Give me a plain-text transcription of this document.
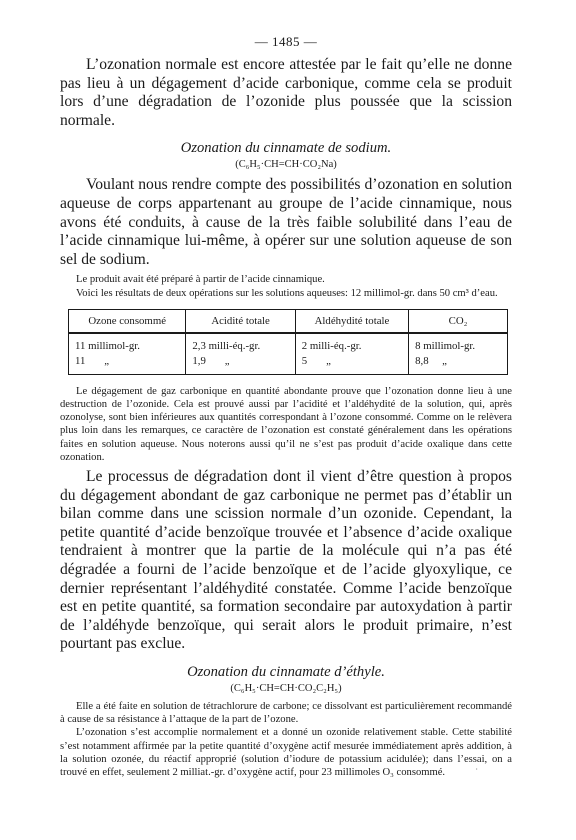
— 1485 —

L’ozonation normale est encore attestée par le fait qu’elle ne donne pas lieu à un dégagement d’acide carbonique, comme cela se produit lors d’une dégradation de l’ozonide plus poussée que la scission normale.

Ozonation du cinnamate de sodium.
(C₆H₅·CH=CH·CO₂Na)

Voulant nous rendre compte des possibilités d’ozonation en solution aqueuse de corps appartenant au groupe de l’acide cinnamique, nous avons été conduits, à cause de la très faible solubilité dans l’eau de l’acide cinnamique lui-même, à opérer sur une solution aqueuse de son sel de sodium.

Le produit avait été préparé à partir de l’acide cinnamique.

Voici les résultats de deux opérations sur les solutions aqueuses: 12 millimol-gr. dans 50 cm³ d’eau.

Ozone consommé	Acidité totale	Aldéhydité totale	CO₂
11 millimol-gr.	2,3 milli-éq.-gr.	2 milli-éq.-gr.	8 millimol-gr.
11       „	1,9       „	5       „	8,8     „

Le dégagement de gaz carbonique en quantité abondante prouve que l’ozonation donne lieu à une destruction de l’ozonide. Cela est prouvé aussi par l’acidité et l’aldéhydité de la solution, qui, après ozonolyse, sont bien inférieures aux quantités correspondant à l’ozone consommé. Comme on le relèvera plus loin dans les remarques, ce caractère de l’ozonation est constaté généralement dans les opérations faites en solution aqueuse. Nous noterons aussi qu’il ne s’est pas produit d’acide oxalique dans cette ozonation.

Le processus de dégradation dont il vient d’être question à propos du dégagement abondant de gaz carbonique ne permet pas d’établir un bilan comme dans une scission normale d’un ozonide. Cependant, la petite quantité d’acide benzoïque trouvée et l’absence d’acide oxalique tendraient à montrer que la partie de la molécule qui n’a pas été dégradée a fourni de l’acide benzoïque et de l’acide glyoxylique, ce dernier représentant l’aldéhydité constatée. Comme l’acide benzoïque est en petite quantité, sa formation secondaire par autoxydation à partir de l’aldéhyde benzoïque, qui serait alors le produit primaire, n’est pourtant pas exclue.

Ozonation du cinnamate d’éthyle.
(C₆H₅·CH=CH·CO₂C₂H₅)

Elle a été faite en solution de tétrachlorure de carbone; ce dissolvant est particulièrement recommandé à cause de sa résistance à l’attaque de la part de l’ozone.

L’ozonation s’est accomplie normalement et a donné un ozonide relativement stable. Cette stabilité s’est notamment affirmée par la petite quantité d’oxygène actif mesurée immédiatement après addition, à la solution ozonée, du réactif approprié (solution d’iodure de potassium acidulée); dans l’essai, on a trouvé en effet, seulement 2 milliat.-gr. d’oxygène actif, pour 23 millimoles O₃ consommé.	·
